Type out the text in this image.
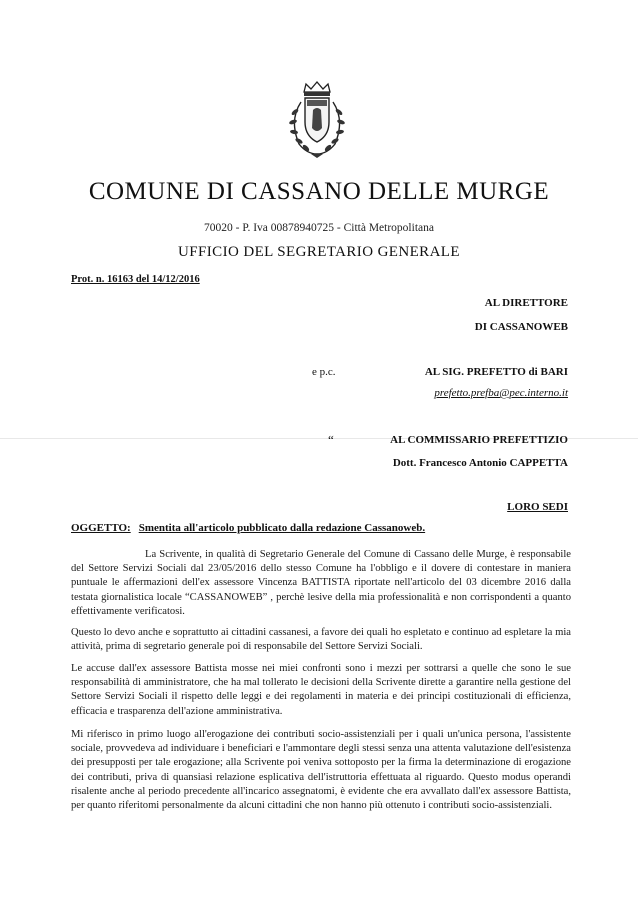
COMUNE DI CASSANO DELLE MURGE
70020 - P. Iva 00878940725 - Città Metropolitana
UFFICIO DEL SEGRETARIO GENERALE
Prot. n. 16163 del 14/12/2016
AL DIRETTORE
DI CASSANOWEB
e p.c.	AL SIG. PREFETTO di BARI
prefetto.prefba@pec.interno.it
“	AL COMMISSARIO PREFETTIZIO
Dott. Francesco Antonio CAPPETTA
LORO SEDI
OGGETTO: Smentita all'articolo pubblicato dalla redazione Cassanoweb.
La Scrivente, in qualità di Segretario Generale del Comune di Cassano delle Murge, è responsabile del Settore Servizi Sociali dal 23/05/2016 dello stesso Comune ha l'obbligo e il dovere di contestare in maniera puntuale le affermazioni dell'ex assessore Vincenza BATTISTA riportate nell'articolo del 03 dicembre 2016 dalla testata giornalistica locale “CASSANOWEB” , perchè lesive della mia professionalità e non corrispondenti a quanto effettivamente verificatosi.
Questo lo devo anche e soprattutto ai cittadini cassanesi, a favore dei quali ho espletato e continuo ad espletare la mia attività, prima di segretario generale poi di responsabile del Settore Servizi Sociali.
Le accuse dall'ex assessore Battista mosse nei miei confronti sono i mezzi per sottrarsi a quelle che sono le sue responsabilità di amministratore, che ha mal tollerato le decisioni della Scrivente dirette a garantire nella gestione del Settore Servizi Sociali il rispetto delle leggi e dei regolamenti in materia e dei principi costituzionali di efficienza, efficacia e trasparenza dell'azione amministrativa.
Mi riferisco in primo luogo all'erogazione dei contributi socio-assistenziali per i quali un'unica persona, l'assistente sociale, provvedeva ad individuare i beneficiari e l'ammontare degli stessi senza una attenta valutazione dell'esistenza dei presupposti per tale erogazione; alla Scrivente poi veniva sottoposto per la firma la determinazione di erogazione dei contributi, priva di quansiasi relazione esplicativa dell'istruttoria effettuata al riguardo. Questo modus operandi risalente anche al periodo precedente all'incarico assegnatomi, è evidente che era avvallato dall'ex assessore Battista, per quanto riferitomi personalmente da alcuni cittadini che non hanno più ottenuto i contributi socio-assistenziali.
